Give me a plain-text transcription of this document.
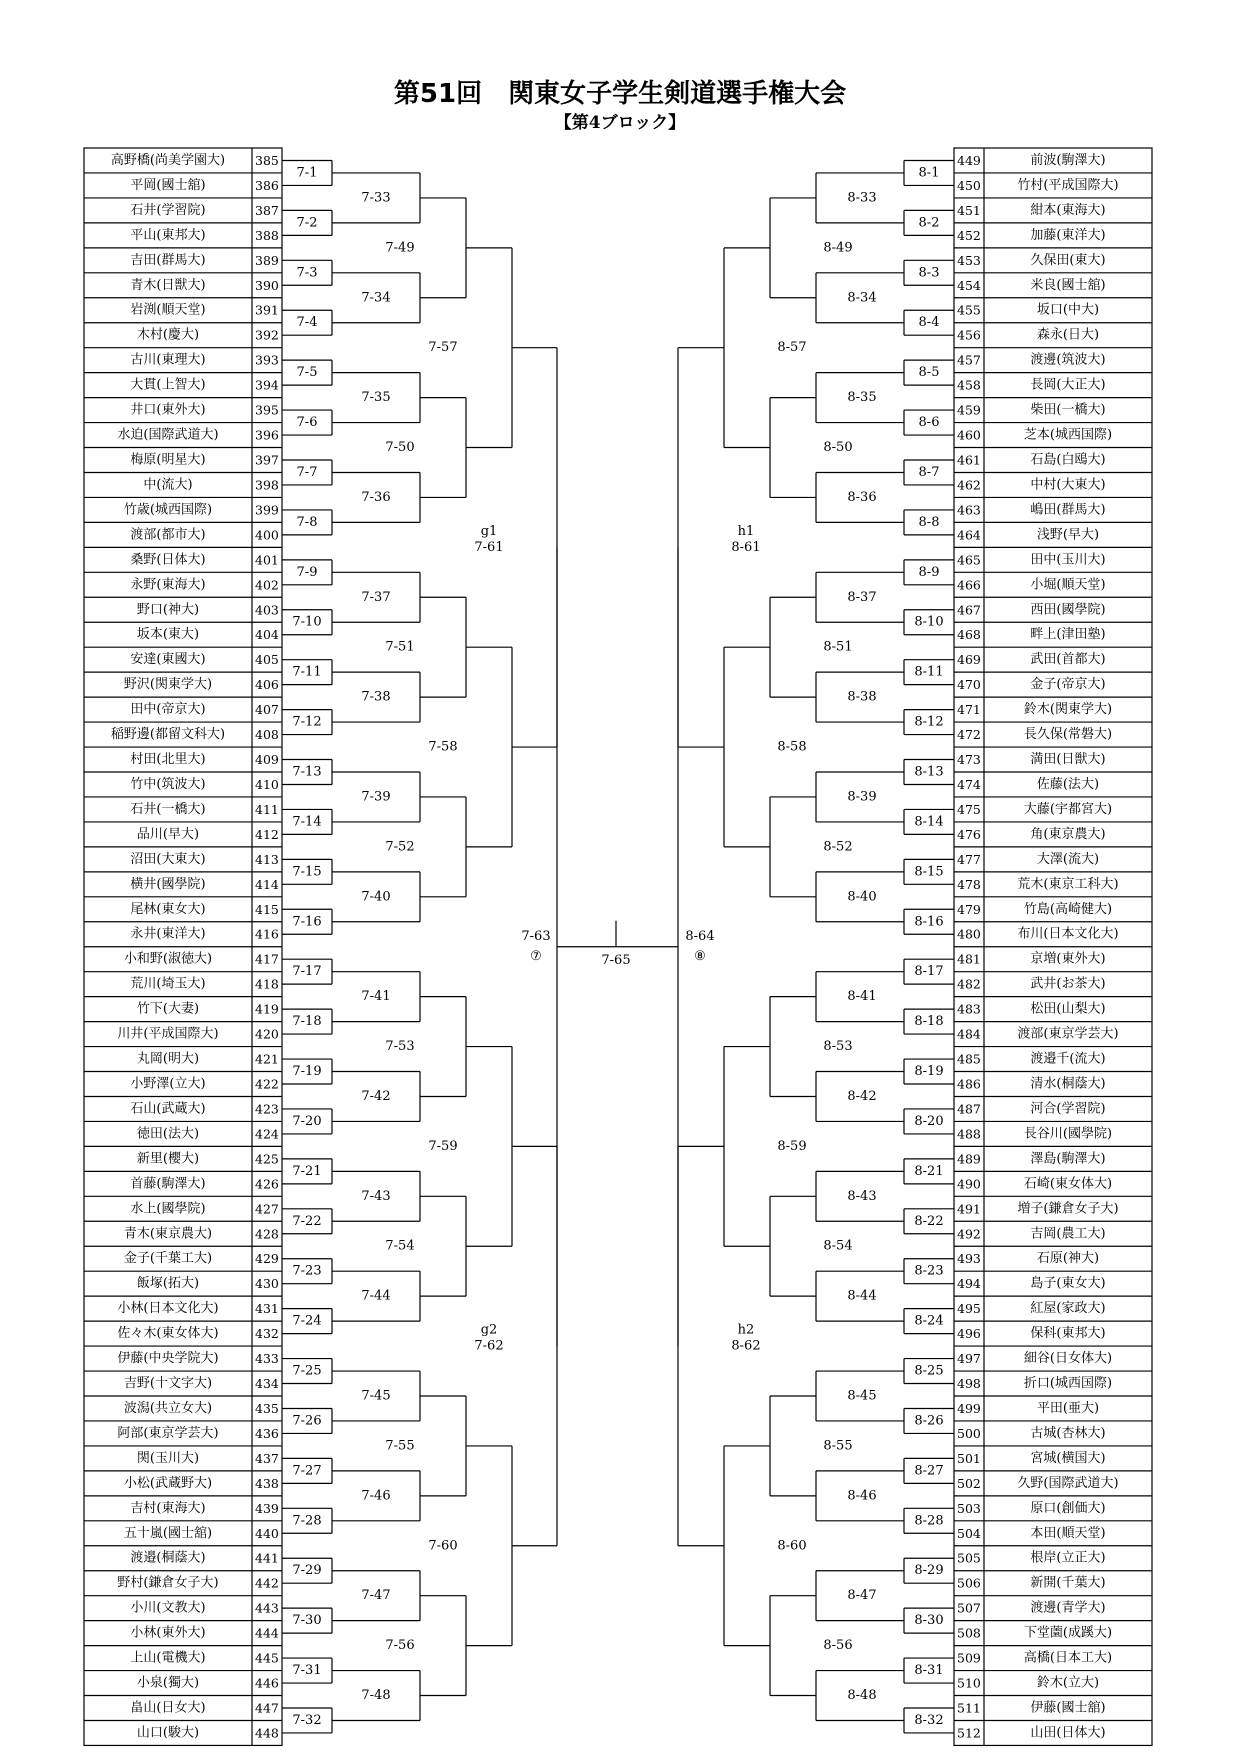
第51回　関東女子学生剣道選手権大会
【第4ブロック】
高野橋(尚美学園大) 385
平岡(國士舘)	386
石井(学習院)	387
平山(東邦大)	388
吉田(群馬大)	389
青木(日獣大)	390
岩渕(順天堂)	391
木村(慶大)	392
古川(東理大)	393
大貫(上智大)	394
井口(東外大)	395
水迫(国際武道大)	396
梅原(明星大)	397
中(流大)	398
竹歳(城西国際)	399
渡部(都市大)	400
桑野(日体大)	401
永野(東海大)	402
野口(神大)	403
坂本(東大)	404
安達(東國大)	405
野沢(関東学大)	406
田中(帝京大)	407
稲野邊(都留文科大) 408
村田(北里大)	409
竹中(筑波大)	410
石井(一橋大)	411
品川(早大)	412
沼田(大東大)	413
横井(國學院)	414
尾林(東女大)	415
永井(東洋大)	416
小和野(淑徳大)	417
荒川(埼玉大)	418
竹下(大妻)	419
川井(平成国際大)	420
丸岡(明大)	421
小野澤(立大)	422
石山(武蔵大)	423
徳田(法大)	424
新里(櫻大)	425
首藤(駒澤大)	426
水上(國學院)	427
青木(東京農大)	428
金子(千葉工大)	429
飯塚(拓大)	430
小林(日本文化大)	431
佐々木(東女体大)	432
伊藤(中央学院大)	433
吉野(十文字大)	434
波潟(共立女大)	435
阿部(東京学芸大)	436
関(玉川大)	437
小松(武蔵野大)	438
吉村(東海大)	439
五十嵐(國士舘)	440
渡邉(桐蔭大)	441
野村(鎌倉女子大)	442
小川(文教大)	443
小林(東外大)	444
上山(電機大)	445
小泉(獨大)	446
畠山(日女大)	447
山口(駿大)	448
449	前波(駒澤大)
450	竹村(平成国際大)
451	紺本(東海大)
452	加藤(東洋大)
453	久保田(東大)
454	米良(國士舘)
455	坂口(中大)
456	森永(日大)
457	渡邊(筑波大)
458	長岡(大正大)
459	柴田(一橋大)
460	芝本(城西国際)
461	石島(白鴎大)
462	中村(大東大)
463	嶋田(群馬大)
464	浅野(早大)
465	田中(玉川大)
466	小堀(順天堂)
467	西田(國學院)
468	畔上(津田塾)
469	武田(首都大)
470	金子(帝京大)
471	鈴木(関東学大)
472	長久保(常磐大)
473	満田(日獣大)
474	佐藤(法大)
475	大藤(宇都宮大)
476	角(東京農大)
477	大澤(流大)
478	荒木(東京工科大)
479	竹島(高崎健大)
480	布川(日本文化大)
481	京増(東外大)
482	武井(お茶大)
483	松田(山梨大)
484	渡部(東京学芸大)
485	渡邉千(流大)
486	清水(桐蔭大)
487	河合(学習院)
488	長谷川(國學院)
489	澤島(駒澤大)
490	石崎(東女体大)
491	増子(鎌倉女子大)
492	吉岡(農工大)
493	石原(神大)
494	島子(東女大)
495	紅屋(家政大)
496	保科(東邦大)
497	細谷(日女体大)
498	折口(城西国際)
499	平田(亜大)
500	古城(杏林大)
501	宮城(横国大)
502	久野(国際武道大)
503	原口(創価大)
504	本田(順天堂)
505	根岸(立正大)
506	新開(千葉大)
507	渡邊(青学大)
508	下堂薗(成蹊大)
509	高橋(日本工大)
510	鈴木(立大)
511	伊藤(國士舘)
512	山田(日体大)
7-1
7-2
7-3
7-4
7-5
7-6
7-7
7-8
7-9
7-10
7-11
7-12
7-13
7-14
7-15
7-16
7-17
7-18
7-19
7-20
7-21
7-22
7-23
7-24
7-25
7-26
7-27
7-28
7-29
7-30
7-31
7-32
7-33
7-34
7-35
7-36
7-37
7-38
7-39
7-40
7-41
7-42
7-43
7-44
7-45
7-46
7-47
7-48
7-49
7-50
7-51
7-52
7-53
7-54
7-55
7-56
7-57
7-58
7-59
7-60
g1
7-61
g2
7-62
7-63
⑦
8-1
8-2
8-3
8-4
8-5
8-6
8-7
8-8
8-9
8-10
8-11
8-12
8-13
8-14
8-15
8-16
8-17
8-18
8-19
8-20
8-21
8-22
8-23
8-24
8-25
8-26
8-27
8-28
8-29
8-30
8-31
8-32
8-33
8-34
8-35
8-36
8-37
8-38
8-39
8-40
8-41
8-42
8-43
8-44
8-45
8-46
8-47
8-48
8-49
8-50
8-51
8-52
8-53
8-54
8-55
8-56
8-57
8-58
8-59
8-60
h1
8-61
h2
8-62
8-64
⑧
7-65
